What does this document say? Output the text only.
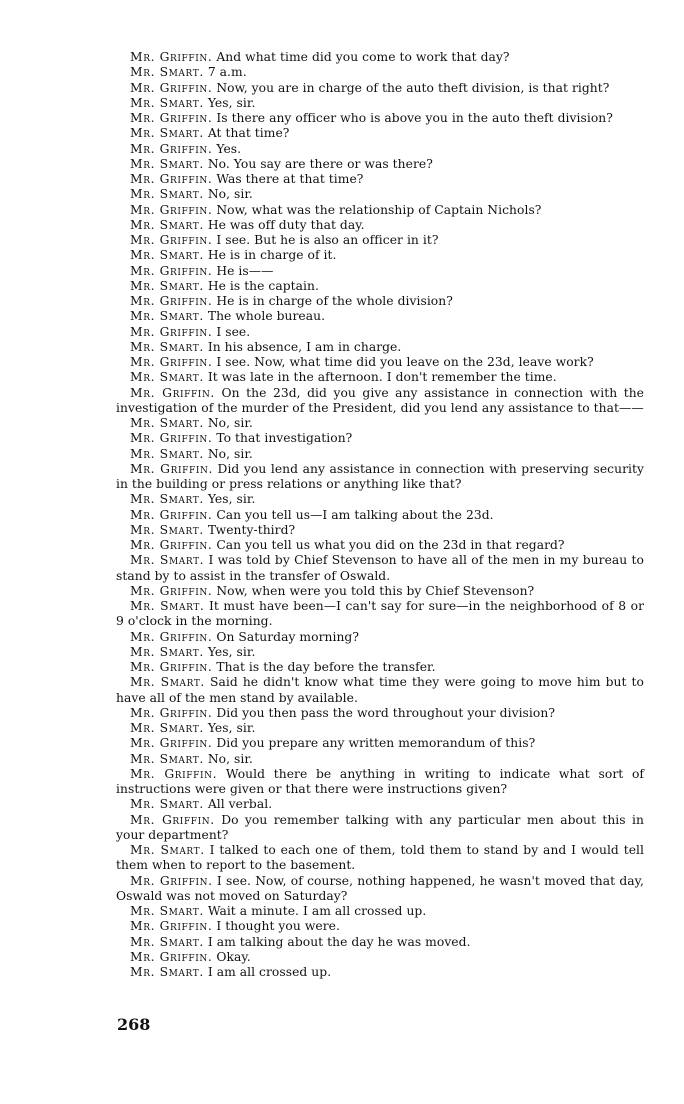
Mr. Griffin. And what time did you come to work that day?

Mr. Smart. 7 a.m.

Mr. Griffin. Now, you are in charge of the auto theft division, is that right?

Mr. Smart. Yes, sir.

Mr. Griffin. Is there any officer who is above you in the auto theft division?

Mr. Smart. At that time?

Mr. Griffin. Yes.

Mr. Smart. No. You say are there or was there?

Mr. Griffin. Was there at that time?

Mr. Smart. No, sir.

Mr. Griffin. Now, what was the relationship of Captain Nichols?

Mr. Smart. He was off duty that day.

Mr. Griffin. I see. But he is also an officer in it?

Mr. Smart. He is in charge of it.

Mr. Griffin. He is——

Mr. Smart. He is the captain.

Mr. Griffin. He is in charge of the whole division?

Mr. Smart. The whole bureau.

Mr. Griffin. I see.

Mr. Smart. In his absence, I am in charge.

Mr. Griffin. I see. Now, what time did you leave on the 23d, leave work?

Mr. Smart. It was late in the afternoon. I don't remember the time.

Mr. Griffin. On the 23d, did you give any assistance in connection with the investigation of the murder of the President, did you lend any assistance to that——

Mr. Smart. No, sir.

Mr. Griffin. To that investigation?

Mr. Smart. No, sir.

Mr. Griffin. Did you lend any assistance in connection with preserving security in the building or press relations or anything like that?

Mr. Smart. Yes, sir.

Mr. Griffin. Can you tell us—I am talking about the 23d.

Mr. Smart. Twenty-third?

Mr. Griffin. Can you tell us what you did on the 23d in that regard?

Mr. Smart. I was told by Chief Stevenson to have all of the men in my bureau to stand by to assist in the transfer of Oswald.

Mr. Griffin. Now, when were you told this by Chief Stevenson?

Mr. Smart. It must have been—I can't say for sure—in the neighborhood of 8 or 9 o'clock in the morning.

Mr. Griffin. On Saturday morning?

Mr. Smart. Yes, sir.

Mr. Griffin. That is the day before the transfer.

Mr. Smart. Said he didn't know what time they were going to move him but to have all of the men stand by available.

Mr. Griffin. Did you then pass the word throughout your division?

Mr. Smart. Yes, sir.

Mr. Griffin. Did you prepare any written memorandum of this?

Mr. Smart. No, sir.

Mr. Griffin. Would there be anything in writing to indicate what sort of instructions were given or that there were instructions given?

Mr. Smart. All verbal.

Mr. Griffin. Do you remember talking with any particular men about this in your department?

Mr. Smart. I talked to each one of them, told them to stand by and I would tell them when to report to the basement.

Mr. Griffin. I see. Now, of course, nothing happened, he wasn't moved that day, Oswald was not moved on Saturday?

Mr. Smart. Wait a minute. I am all crossed up.

Mr. Griffin. I thought you were.

Mr. Smart. I am talking about the day he was moved.

Mr. Griffin. Okay.

Mr. Smart. I am all crossed up.

268
